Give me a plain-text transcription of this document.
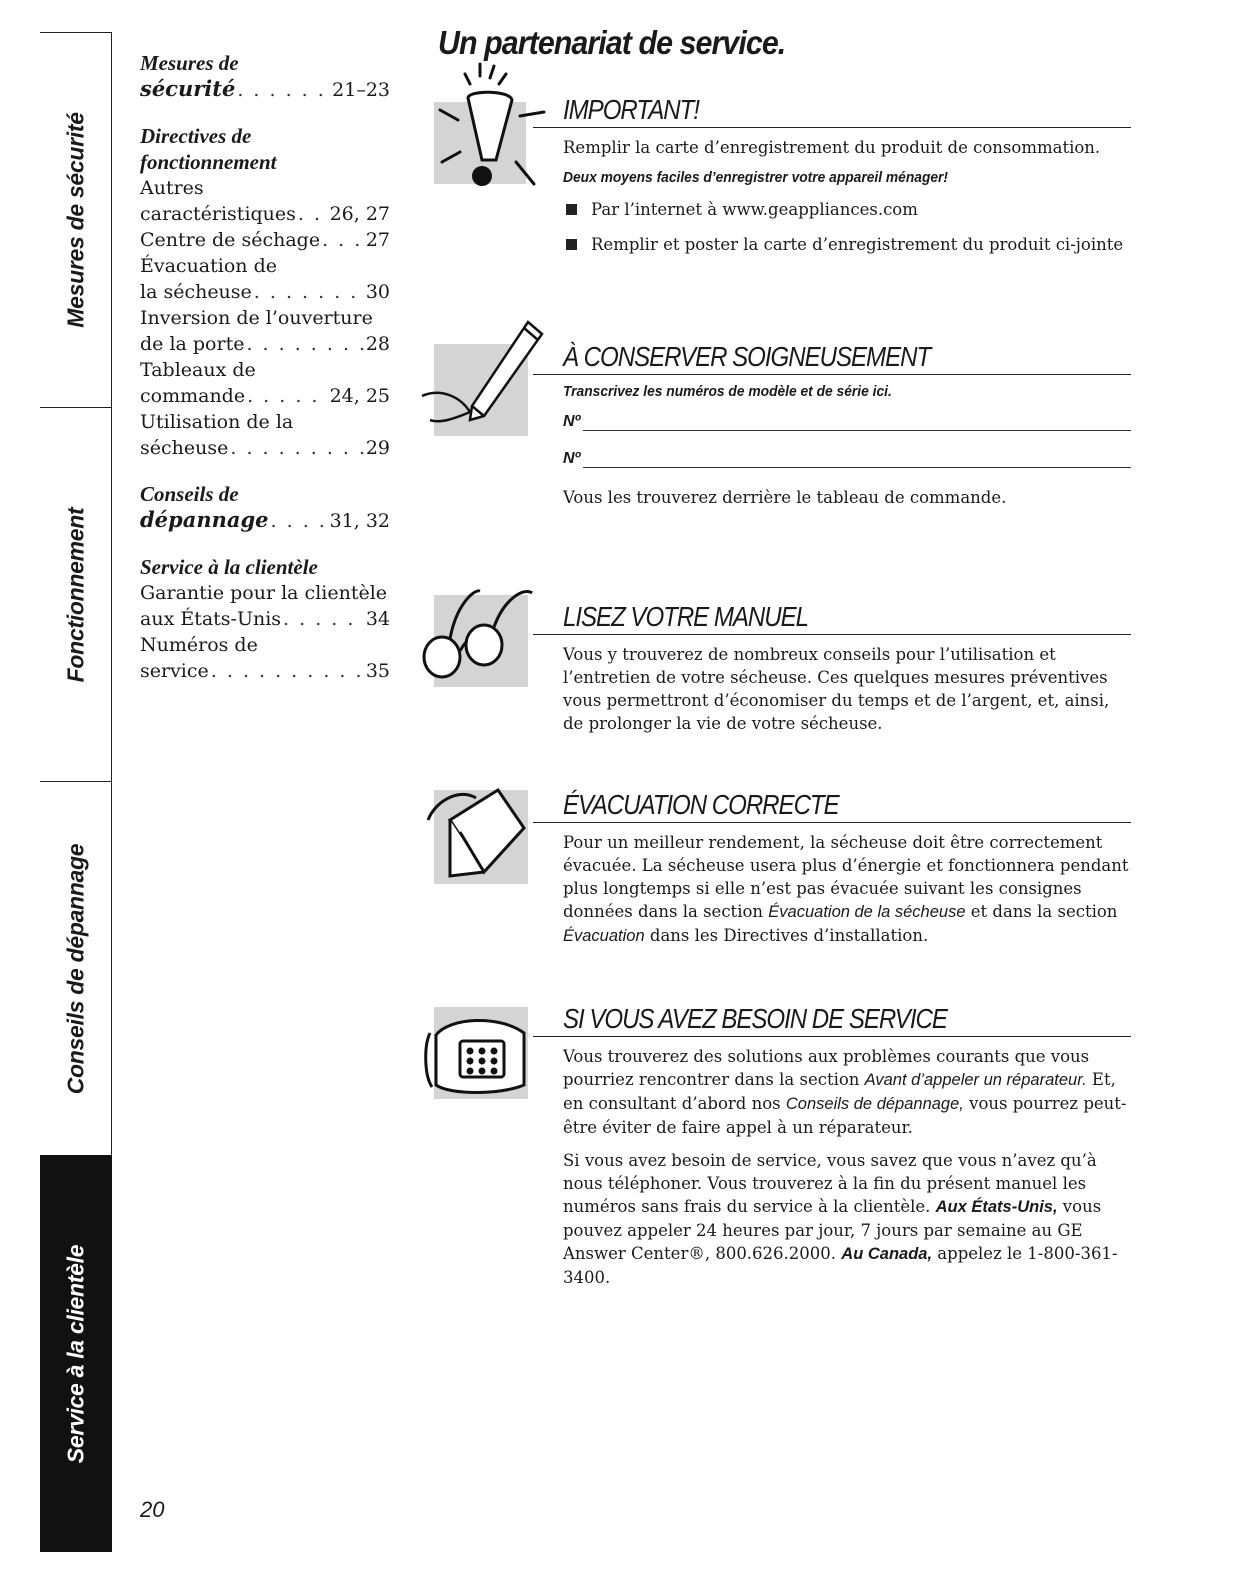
Mesures de sécurité
Fonctionnement
Conseils de dépannage
Service à la clientèle
Mesures de
sécurité . . .	21–23
Directives de
fonctionnement
Autres
caractéristiques . . . 26, 27
Centre de séchage . . . 27
Évacuation de
la sécheuse . . .	30
Inversion de l’ouverture
de la porte . . .	28
Tableaux de
commande . . .	24, 25
Utilisation de la
sécheuse . . .	29
Conseils de
dépannage . . .	31, 32
Service à la clientèle
Garantie pour la clientèle
aux États-Unis . . .	34
Numéros de
service . . .	35
20
Un partenariat de service.
IMPORTANT!

Remplir la carte d’enregistrement du produit de consommation.

Deux moyens faciles d’enregistrer votre appareil ménager!
Par l’internet à www.geappliances.com
Remplir et poster la carte d’enregistrement du produit ci-jointe
À CONSERVER SOIGNEUSEMENT
Transcrivez les numéros de modèle et de série ici.
Nº
Nº

Vous les trouverez derrière le tableau de commande.

LISEZ VOTRE MANUEL

Vous y trouverez de nombreux conseils pour l’utilisation et l’entretien de votre sécheuse. Ces quelques mesures préventives vous permettront d’économiser du temps et de l’argent, et, ainsi, de prolonger la vie de votre sécheuse.

ÉVACUATION CORRECTE

Pour un meilleur rendement, la sécheuse doit être correctement évacuée. La sécheuse usera plus d’énergie et fonctionnera pendant plus longtemps si elle n’est pas évacuée suivant les consignes données dans la section Évacuation de la sécheuse et dans la section Évacuation dans les Directives d’installation.

SI VOUS AVEZ BESOIN DE SERVICE

Vous trouverez des solutions aux problèmes courants que vous pourriez rencontrer dans la section Avant d’appeler un réparateur. Et, en consultant d’abord nos Conseils de dépannage, vous pourrez peut-être éviter de faire appel à un réparateur.

Si vous avez besoin de service, vous savez que vous n’avez qu’à nous téléphoner. Vous trouverez à la fin du présent manuel les numéros sans frais du service à la clientèle. Aux États-Unis, vous pouvez appeler 24 heures par jour, 7 jours par semaine au GE Answer Center®, 800.626.2000. Au Canada, appelez le 1-800-361-3400.
